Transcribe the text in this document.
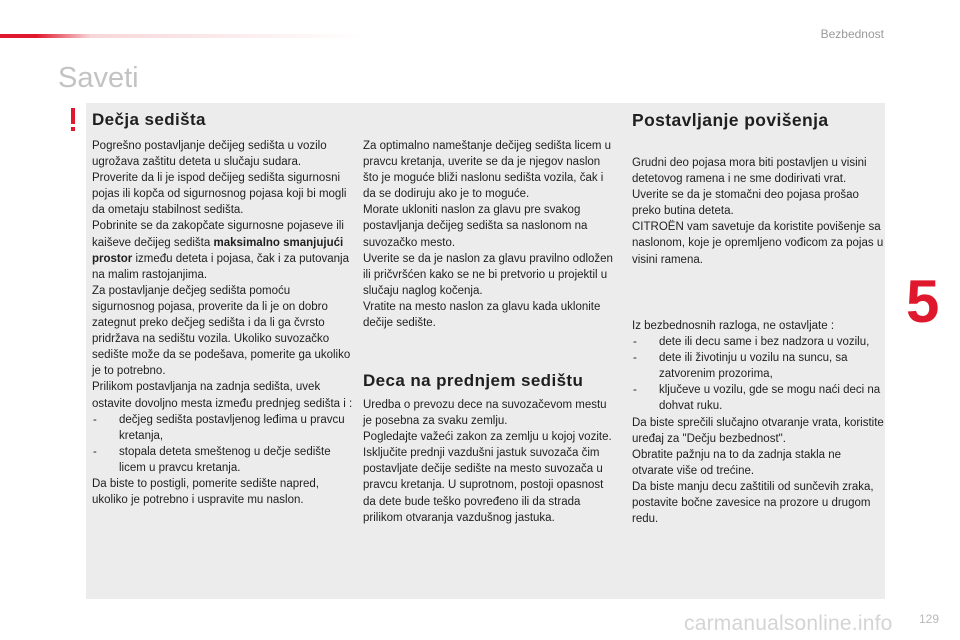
Bezbednost
Saveti
Dečja sedišta

Pogrešno postavljanje dečijeg sedišta u vozilo ugrožava zaštitu deteta u slučaju sudara.

Proverite da li je ispod dečijeg sedišta sigurnosni pojas ili kopča od sigurnosnog pojasa koji bi mogli da ometaju stabilnost sedišta.

Pobrinite se da zakopčate sigurnosne pojaseve ili kaiševe dečijeg sedišta maksimalno smanjujući prostor između deteta i pojasa, čak i za putovanja na malim rastojanjima.

Za postavljanje dečjeg sedišta pomoću sigurnosnog pojasa, proverite da li je on dobro zategnut preko dečjeg sedišta i da li ga čvrsto pridržava na sedištu vozila. Ukoliko suvozačko sedište može da se podešava, pomerite ga ukoliko je to potrebno.

Prilikom postavljanja na zadnja sedišta, uvek ostavite dovoljno mesta između prednjeg sedišta i :

-	dečjeg sedišta postavljenog leđima u pravcu kretanja,
-	stopala deteta smeštenog u dečje sedište licem u pravcu kretanja.

Da biste to postigli, pomerite sedište napred, ukoliko je potrebno i uspravite mu naslon.

Za optimalno nameštanje dečijeg sedišta licem u pravcu kretanja, uverite se da je njegov naslon što je moguće bliži naslonu sedišta vozila, čak i da se dodiruju ako je to moguće.

Morate ukloniti naslon za glavu pre svakog postavljanja dečijeg sedišta sa naslonom na suvozačko mesto.

Uverite se da je naslon za glavu pravilno odložen ili pričvršćen kako se ne bi pretvorio u projektil u slučaju naglog kočenja.

Vratite na mesto naslon za glavu kada uklonite dečije sedište.

Deca na prednjem sedištu

Uredba o prevozu dece na suvozačevom mestu je posebna za svaku zemlju.

Pogledajte važeći zakon za zemlju u kojoj vozite.

Isključite prednji vazdušni jastuk suvozača čim postavljate dečije sedište na mesto suvozača u pravcu kretanja. U suprotnom, postoji opasnost da dete bude teško povređeno ili da strada prilikom otvaranja vazdušnog jastuka.

Postavljanje povišenja

Grudni deo pojasa mora biti postavljen u visini detetovog ramena i ne sme dodirivati vrat.

Uverite se da je stomačni deo pojasa prošao preko butina deteta.

CITROËN vam savetuje da koristite povišenje sa naslonom, koje je opremljeno vođicom za pojas u visini ramena.

Iz bezbednosnih razloga, ne ostavljate :

-	dete ili decu same i bez nadzora u vozilu,
-	dete ili životinju u vozilu na suncu, sa zatvorenim prozorima,
-	ključeve u vozilu, gde se mogu naći deci na dohvat ruku.

Da biste sprečili slučajno otvaranje vrata, koristite uređaj za "Dečju bezbednost".

Obratite pažnju na to da zadnja stakla ne otvarate više od trećine.

Da biste manju decu zaštitili od sunčevih zraka, postavite bočne zavesice na prozore u drugom redu.

5
carmanualsonline.info 129
